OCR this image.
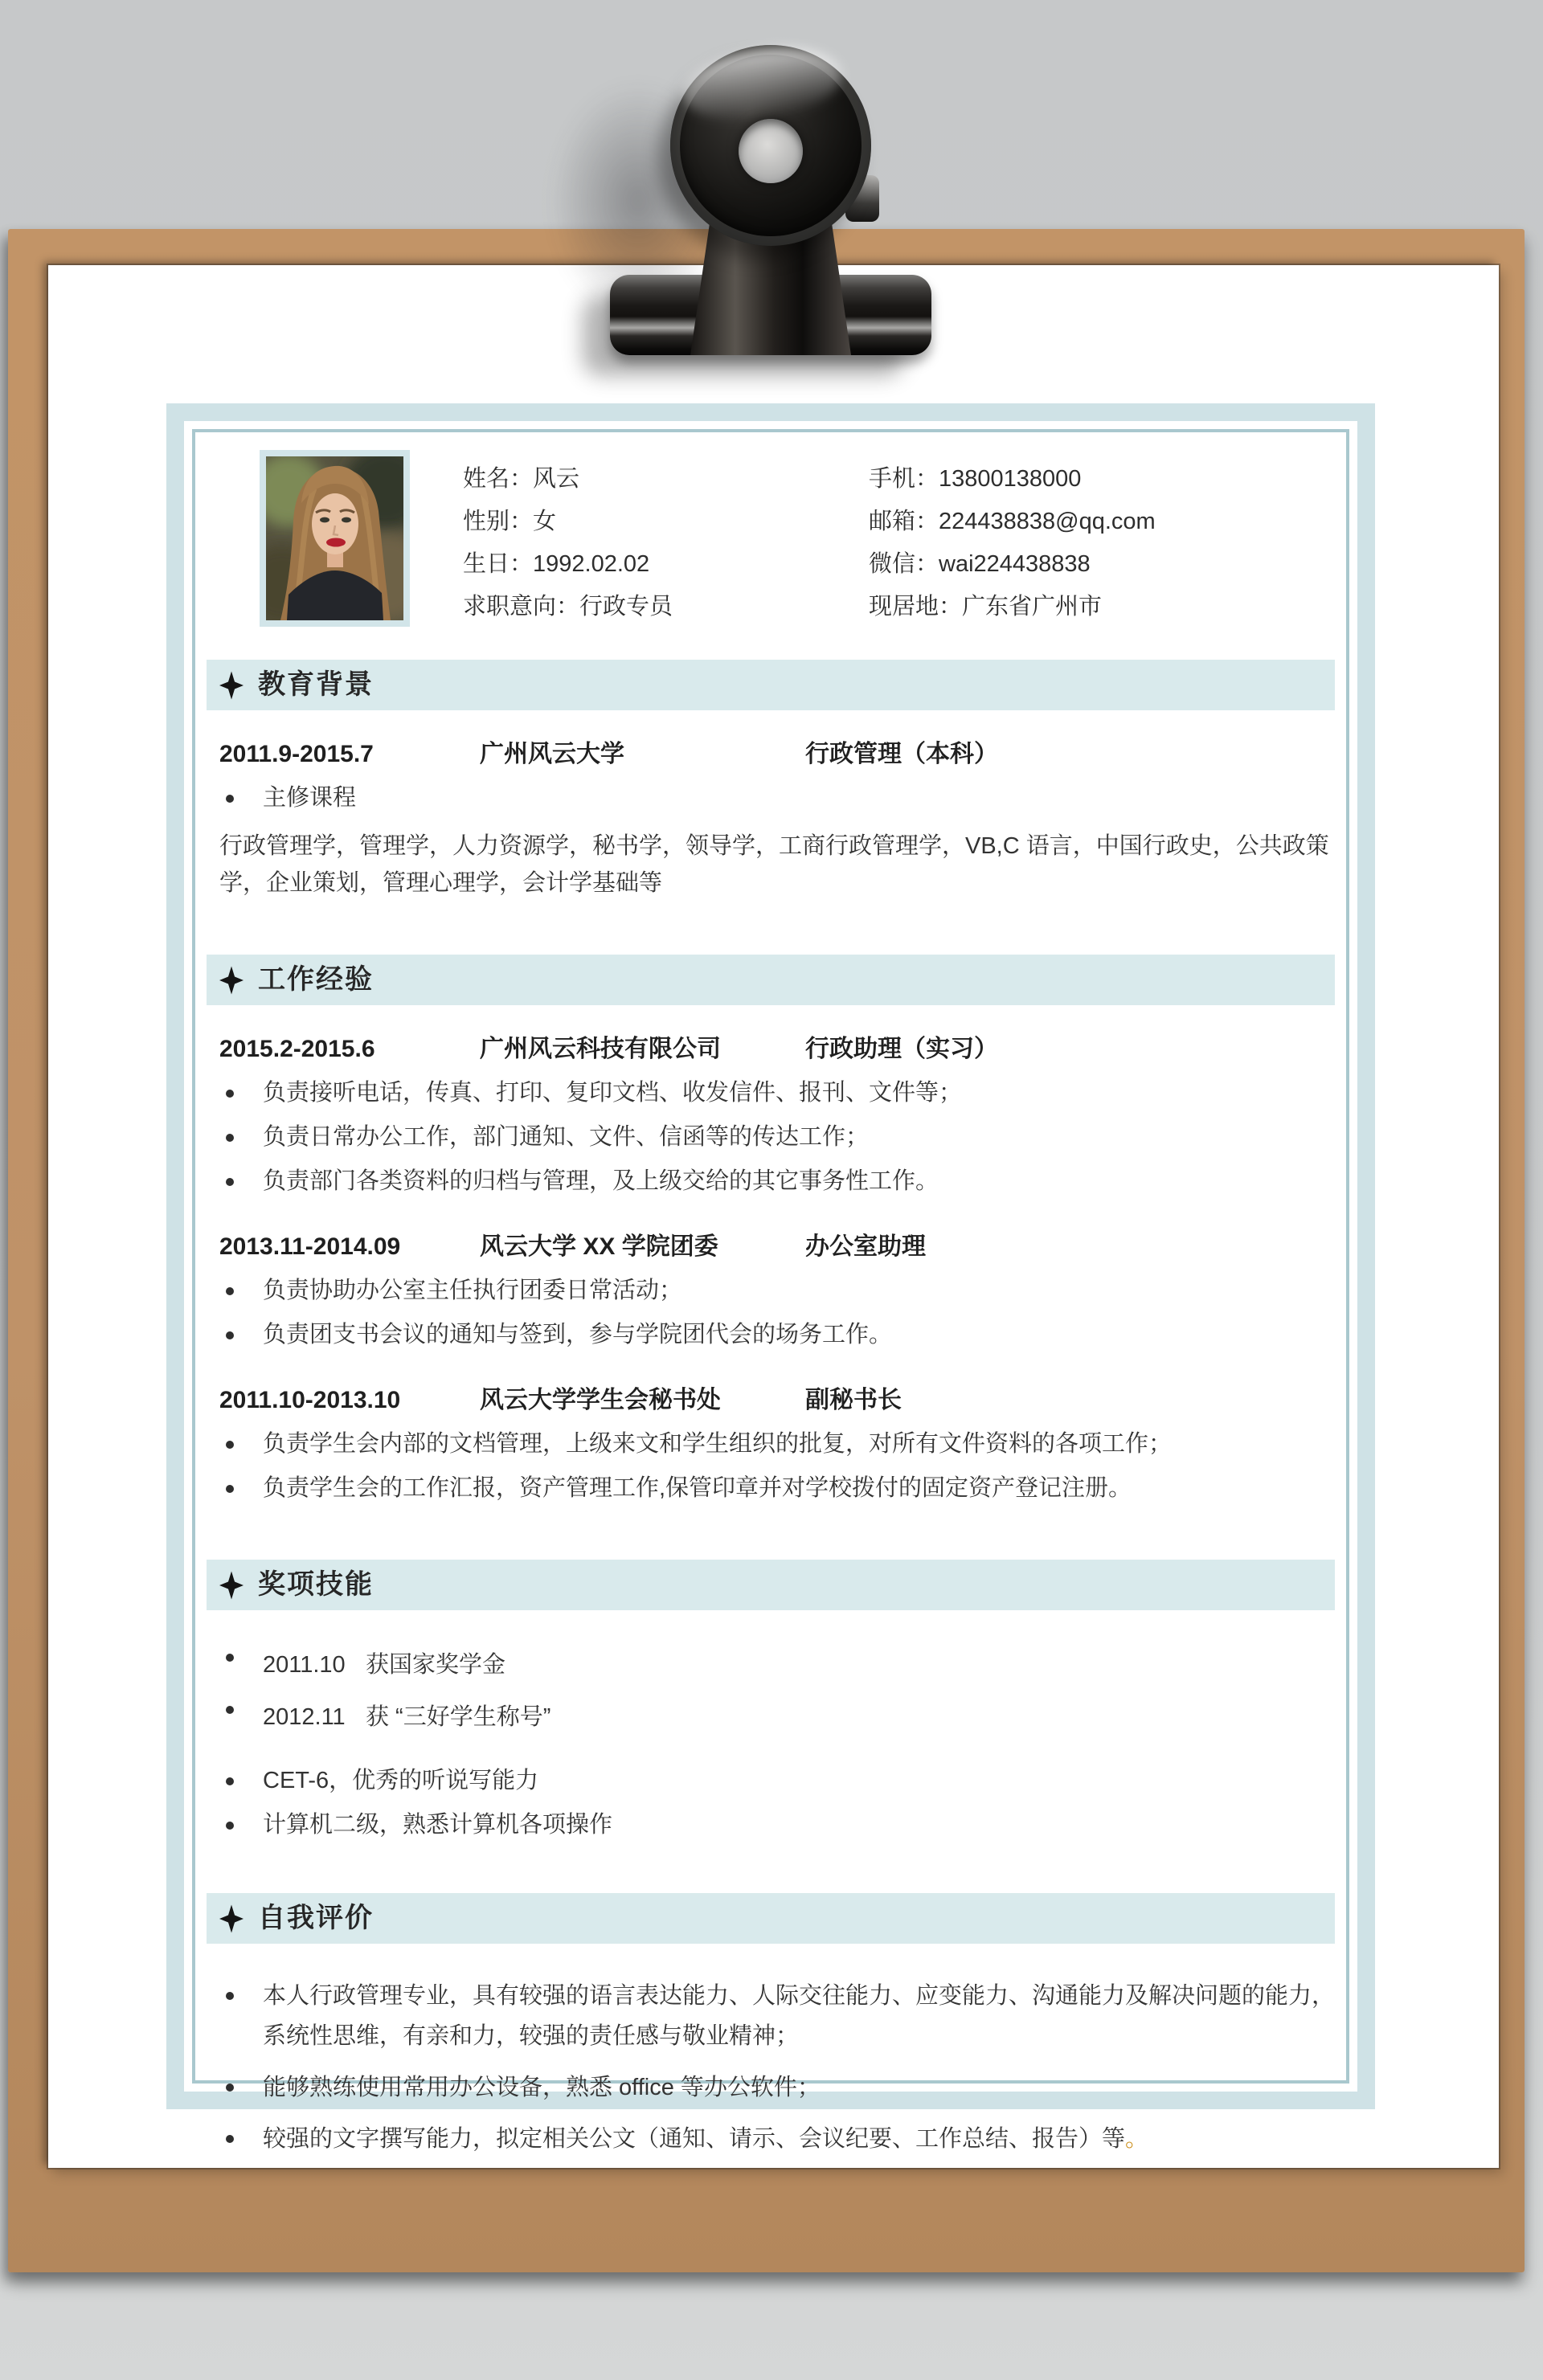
姓名：风云
性别：女
生日：1992.02.02
求职意向：行政专员
手机：13800138000
邮箱：224438838@qq.com
微信：wai224438838
现居地：广东省广州市
教育背景
2011.9-2015.7	广州风云大学	行政管理（本科）
主修课程
行政管理学，管理学，人力资源学，秘书学，领导学，工商行政管理学，VB,C 语言，中国行政史，公共政策学，企业策划，管理心理学，会计学基础等
工作经验
2015.2-2015.6	广州风云科技有限公司	行政助理（实习）
负责接听电话，传真、打印、复印文档、收发信件、报刊、文件等；
负责日常办公工作，部门通知、文件、信函等的传达工作；
负责部门各类资料的归档与管理，及上级交给的其它事务性工作。
2013.11-2014.09	风云大学 XX 学院团委	办公室助理
负责协助办公室主任执行团委日常活动；
负责团支书会议的通知与签到，参与学院团代会的场务工作。
2011.10-2013.10	风云大学学生会秘书处	副秘书长
负责学生会内部的文档管理，上级来文和学生组织的批复，对所有文件资料的各项工作；
负责学生会的工作汇报，资产管理工作,保管印章并对学校拨付的固定资产登记注册。
奖项技能
2011.10 获国家奖学金
2012.11 获 “三好学生称号”
CET-6，优秀的听说写能力
计算机二级，熟悉计算机各项操作
自我评价
本人行政管理专业，具有较强的语言表达能力、人际交往能力、应变能力、沟通能力及解决问题的能力，系统性思维，有亲和力，较强的责任感与敬业精神；
能够熟练使用常用办公设备，熟悉 office 等办公软件；
较强的文字撰写能力，拟定相关公文（通知、请示、会议纪要、工作总结、报告）等。
